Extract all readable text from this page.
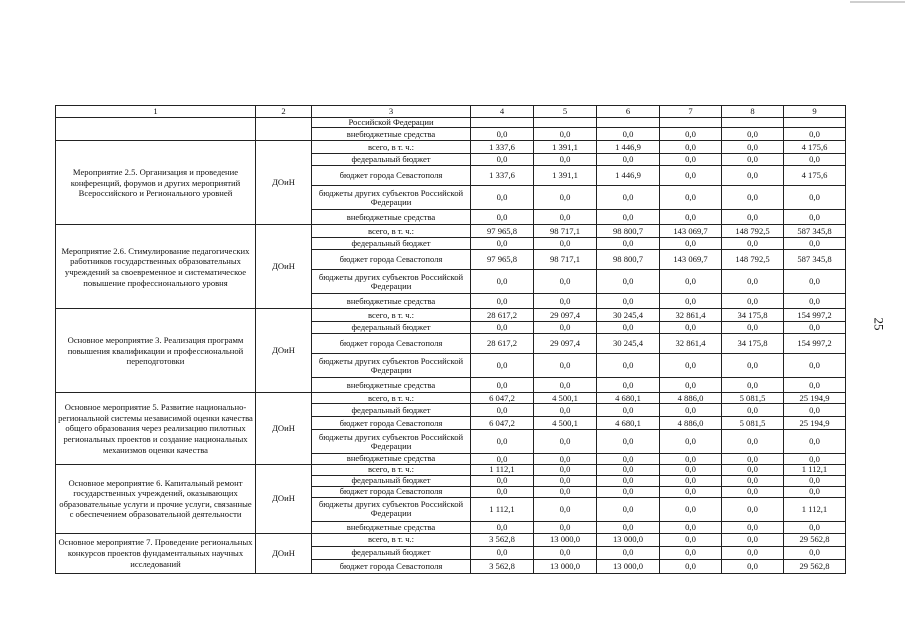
1	2	3	4	5	6	7	8	9
		Российской Федерации						
		внебюджетные средства	0,0	0,0	0,0	0,0	0,0	0,0
Мероприятие 2.5. Организация и проведение конференций, форумов и других мероприятий Всероссийского и Регионального уровней	ДОиН	всего, в т. ч.:	1 337,6	1 391,1	1 446,9	0,0	0,0	4 175,6
		федеральный бюджет	0,0	0,0	0,0	0,0	0,0	0,0
		бюджет города Севастополя	1 337,6	1 391,1	1 446,9	0,0	0,0	4 175,6
		бюджеты других субъектов Российской Федерации	0,0	0,0	0,0	0,0	0,0	0,0
		внебюджетные средства	0,0	0,0	0,0	0,0	0,0	0,0
Мероприятие 2.6. Стимулирование педагогических работников государственных образовательных учреждений за своевременное и систематическое повышение профессионального уровня	ДОиН	всего, в т. ч.:	97 965,8	98 717,1	98 800,7	143 069,7	148 792,5	587 345,8
		федеральный бюджет	0,0	0,0	0,0	0,0	0,0	0,0
		бюджет города Севастополя	97 965,8	98 717,1	98 800,7	143 069,7	148 792,5	587 345,8
		бюджеты других субъектов Российской Федерации	0,0	0,0	0,0	0,0	0,0	0,0
		внебюджетные средства	0,0	0,0	0,0	0,0	0,0	0,0
Основное мероприятие 3. Реализация программ повышения квалификации и профессиональной переподготовки	ДОиН	всего, в т. ч.:	28 617,2	29 097,4	30 245,4	32 861,4	34 175,8	154 997,2
		федеральный бюджет	0,0	0,0	0,0	0,0	0,0	0,0
		бюджет города Севастополя	28 617,2	29 097,4	30 245,4	32 861,4	34 175,8	154 997,2
		бюджеты других субъектов Российской Федерации	0,0	0,0	0,0	0,0	0,0	0,0
		внебюджетные средства	0,0	0,0	0,0	0,0	0,0	0,0
Основное мероприятие 5. Развитие национально-региональной системы независимой оценки качества общего образования через реализацию пилотных региональных проектов и создание национальных механизмов оценки качества	ДОиН	всего, в т. ч.:	6 047,2	4 500,1	4 680,1	4 886,0	5 081,5	25 194,9
		федеральный бюджет	0,0	0,0	0,0	0,0	0,0	0,0
		бюджет города Севастополя	6 047,2	4 500,1	4 680,1	4 886,0	5 081,5	25 194,9
		бюджеты других субъектов Российской Федерации	0,0	0,0	0,0	0,0	0,0	0,0
		внебюджетные средства	0,0	0,0	0,0	0,0	0,0	0,0
Основное мероприятие 6. Капитальный ремонт государственных учреждений, оказывающих образовательные услуги и прочие услуги, связанные с обеспечением образовательной деятельности	ДОиН	всего, в т. ч.:	1 112,1	0,0	0,0	0,0	0,0	1 112,1
		федеральный бюджет	0,0	0,0	0,0	0,0	0,0	0,0
		бюджет города Севастополя	0,0	0,0	0,0	0,0	0,0	0,0
		бюджеты других субъектов Российской Федерации	1 112,1	0,0	0,0	0,0	0,0	1 112,1
		внебюджетные средства	0,0	0,0	0,0	0,0	0,0	0,0
Основное мероприятие 7. Проведение региональных конкурсов проектов фундаментальных научных исследований	ДОиН	всего, в т. ч.:	3 562,8	13 000,0	13 000,0	0,0	0,0	29 562,8
		федеральный бюджет	0,0	0,0	0,0	0,0	0,0	0,0
		бюджет города Севастополя	3 562,8	13 000,0	13 000,0	0,0	0,0	29 562,8
25
